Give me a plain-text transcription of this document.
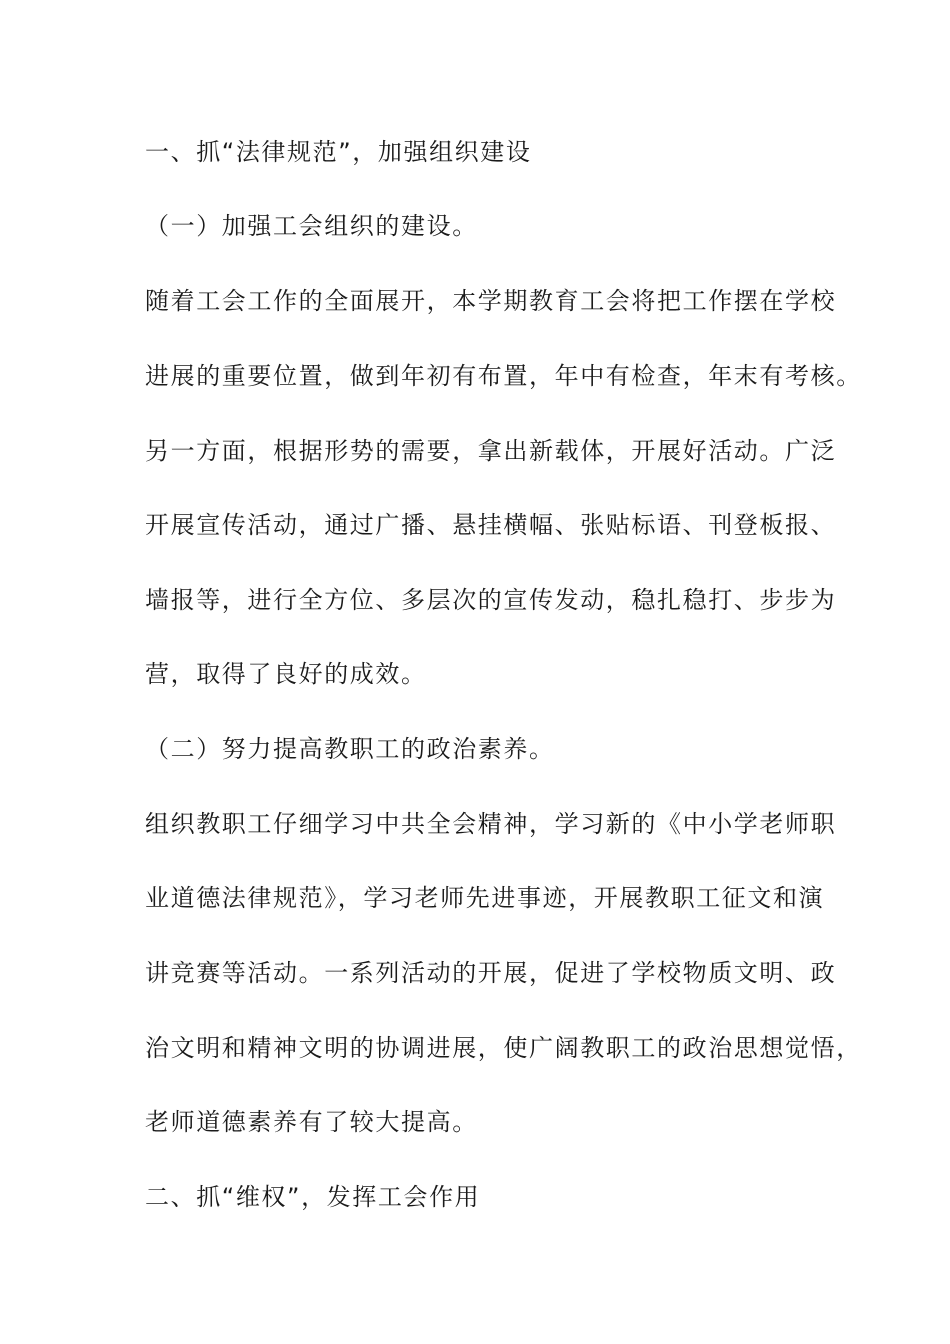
一、抓“法律规范”，加强组织建设
（一）加强工会组织的建设。
随着工会工作的全面展开，本学期教育工会将把工作摆在学校
进展的重要位置，做到年初有布置，年中有检查，年末有考核。
另一方面，根据形势的需要，拿出新载体，开展好活动。广泛
开展宣传活动，通过广播、悬挂横幅、张贴标语、刊登板报、
墙报等，进行全方位、多层次的宣传发动，稳扎稳打、步步为
营，取得了良好的成效。
（二）努力提高教职工的政治素养。
组织教职工仔细学习中共全会精神，学习新的《中小学老师职
业道德法律规范》，学习老师先进事迹，开展教职工征文和演
讲竞赛等活动。一系列活动的开展，促进了学校物质文明、政
治文明和精神文明的协调进展，使广阔教职工的政治思想觉悟，
老师道德素养有了较大提高。
二、抓“维权”，发挥工会作用
